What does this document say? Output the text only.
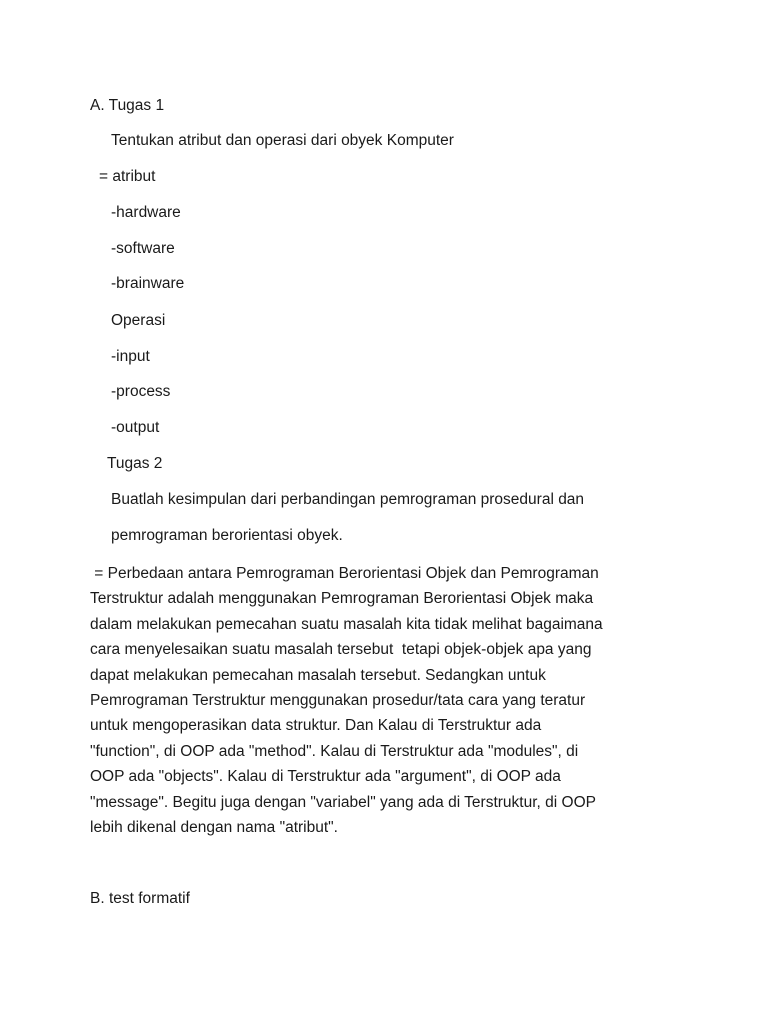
A. Tugas 1
Tentukan atribut dan operasi dari obyek Komputer
= atribut
-hardware
-software
-brainware
Operasi
-input
-process
-output
Tugas 2
Buatlah kesimpulan dari perbandingan pemrograman prosedural dan
pemrograman berorientasi obyek.
= Perbedaan antara Pemrograman Berorientasi Objek dan Pemrograman
Terstruktur adalah menggunakan Pemrograman Berorientasi Objek maka
dalam melakukan pemecahan suatu masalah kita tidak melihat bagaimana
cara menyelesaikan suatu masalah tersebut  tetapi objek-objek apa yang
dapat melakukan pemecahan masalah tersebut. Sedangkan untuk
Pemrograman Terstruktur menggunakan prosedur/tata cara yang teratur
untuk mengoperasikan data struktur. Dan Kalau di Terstruktur ada
"function", di OOP ada "method". Kalau di Terstruktur ada "modules", di
OOP ada "objects". Kalau di Terstruktur ada "argument", di OOP ada
"message". Begitu juga dengan "variabel" yang ada di Terstruktur, di OOP
lebih dikenal dengan nama "atribut".
B. test formatif
